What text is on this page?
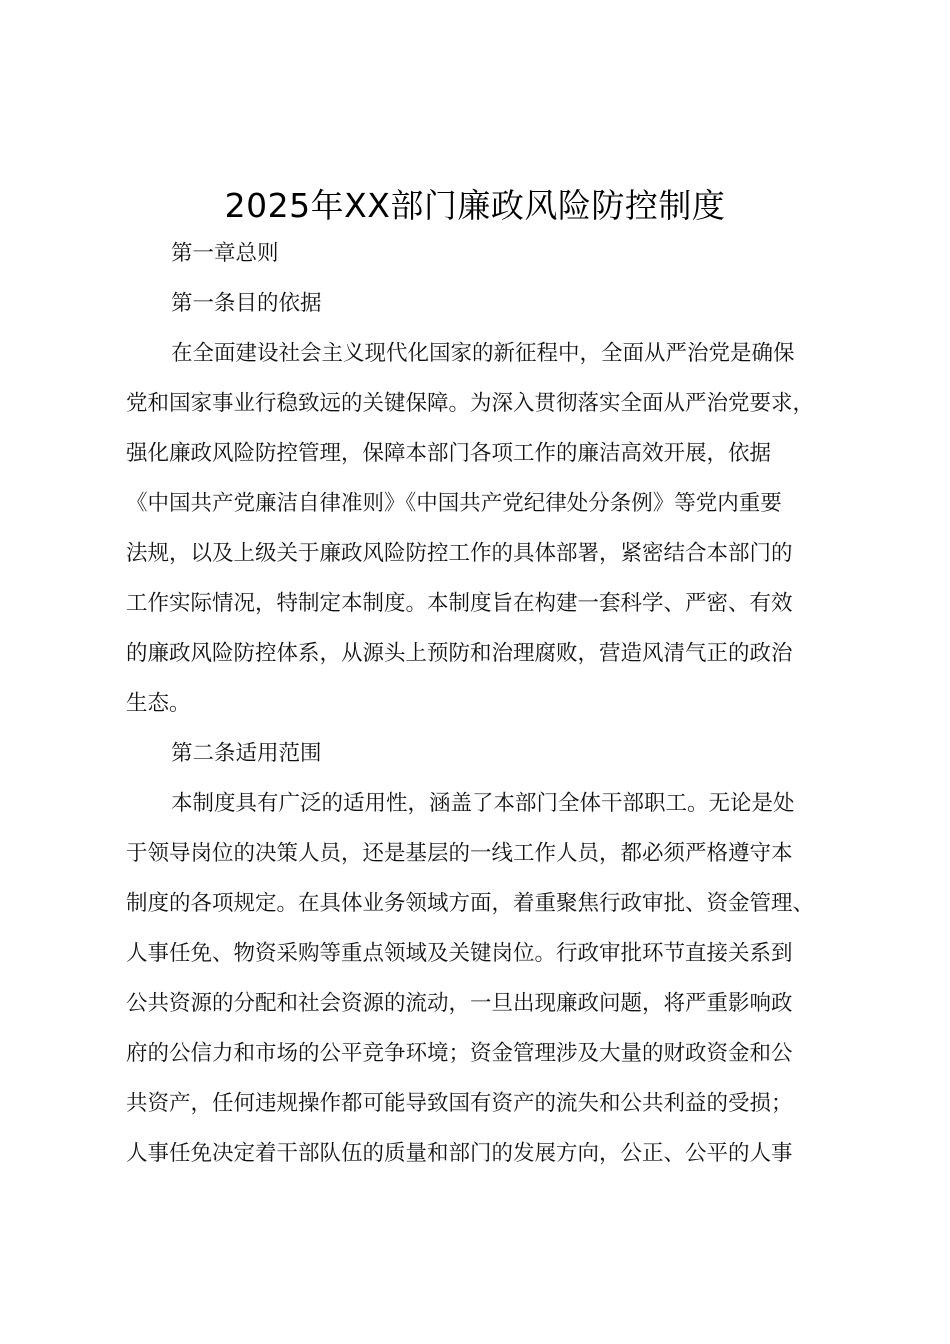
2025年XX部门廉政风险防控制度
第一章总则
第一条目的依据
在全面建设社会主义现代化国家的新征程中，全面从严治党是确保
党和国家事业行稳致远的关键保障。为深入贯彻落实全面从严治党要求，
强化廉政风险防控管理，保障本部门各项工作的廉洁高效开展，依据
《中国共产党廉洁自律准则》《中国共产党纪律处分条例》等党内重要
法规，以及上级关于廉政风险防控工作的具体部署，紧密结合本部门的
工作实际情况，特制定本制度。本制度旨在构建一套科学、严密、有效
的廉政风险防控体系，从源头上预防和治理腐败，营造风清气正的政治
生态。
第二条适用范围
本制度具有广泛的适用性，涵盖了本部门全体干部职工。无论是处
于领导岗位的决策人员，还是基层的一线工作人员，都必须严格遵守本
制度的各项规定。在具体业务领域方面，着重聚焦行政审批、资金管理、
人事任免、物资采购等重点领域及关键岗位。行政审批环节直接关系到
公共资源的分配和社会资源的流动，一旦出现廉政问题，将严重影响政
府的公信力和市场的公平竞争环境；资金管理涉及大量的财政资金和公
共资产，任何违规操作都可能导致国有资产的流失和公共利益的受损；
人事任免决定着干部队伍的质量和部门的发展方向，公正、公平的人事
